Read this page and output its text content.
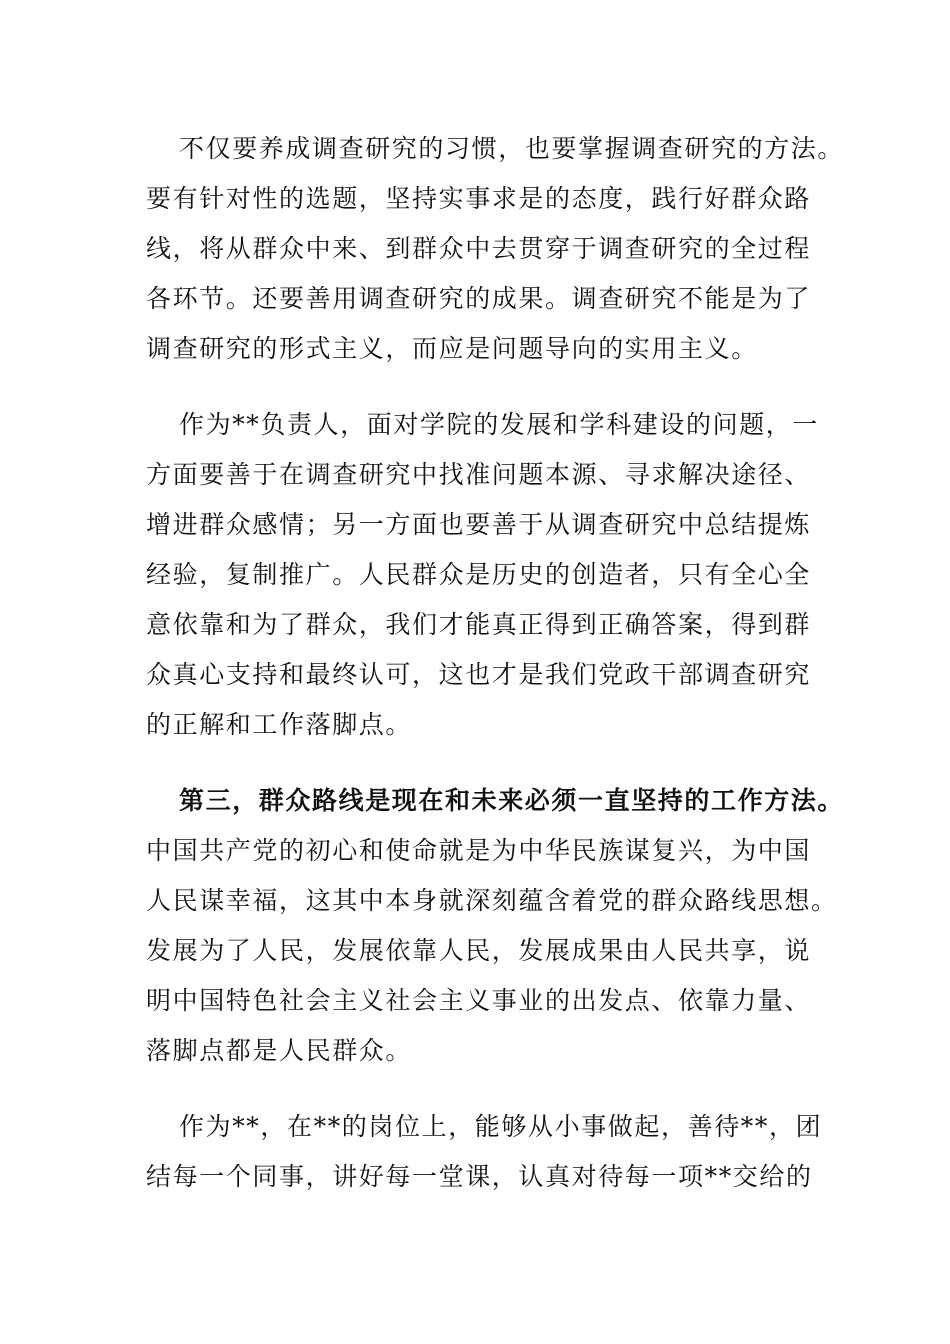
不仅要养成调查研究的习惯，也要掌握调查研究的方法。
要有针对性的选题，坚持实事求是的态度，践行好群众路
线，将从群众中来、到群众中去贯穿于调查研究的全过程
各环节。还要善用调查研究的成果。调查研究不能是为了
调查研究的形式主义，而应是问题导向的实用主义。
作为**负责人，面对学院的发展和学科建设的问题，一
方面要善于在调查研究中找准问题本源、寻求解决途径、
增进群众感情；另一方面也要善于从调查研究中总结提炼
经验，复制推广。人民群众是历史的创造者，只有全心全
意依靠和为了群众，我们才能真正得到正确答案，得到群
众真心支持和最终认可，这也才是我们党政干部调查研究
的正解和工作落脚点。
第三，群众路线是现在和未来必须一直坚持的工作方法。
中国共产党的初心和使命就是为中华民族谋复兴，为中国
人民谋幸福，这其中本身就深刻蕴含着党的群众路线思想。
发展为了人民，发展依靠人民，发展成果由人民共享，说
明中国特色社会主义社会主义事业的出发点、依靠力量、
落脚点都是人民群众。
作为**，在**的岗位上，能够从小事做起，善待**，团
结每一个同事，讲好每一堂课，认真对待每一项**交给的
